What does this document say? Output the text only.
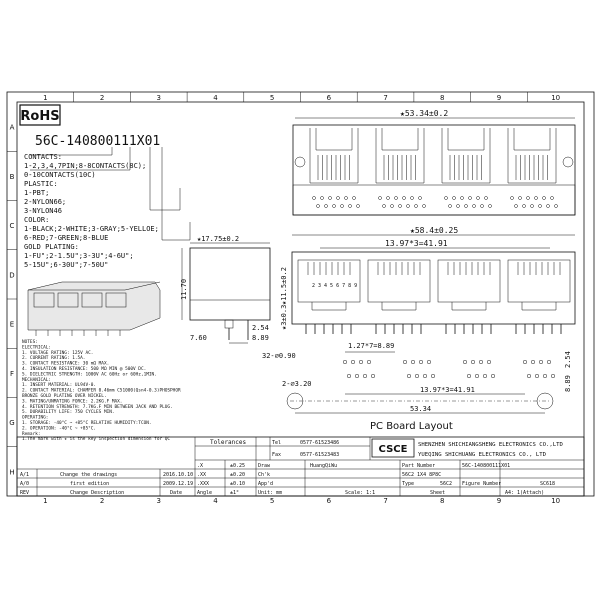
1
1
2
2
3
3
4
4
5
5
6
6
7
7
8
8
9
9
10
10
A
B
C
D
E
F
G
H
RoHS
56C-140800111X01
CONTACTS:
1-2,3,4,7PIN;8-8CONTACTS(8C);
0-10CONTACTS(10C)
PLASTIC:
1-PBT;
2-NYLON66;
3-NYLON46
COLOR:
1-BLACK;2-WHITE;3-GRAY;5-YELLOE;
6-RED;7-GREEN;8-BLUE
GOLD PLATING:
1-FU";2-1.5U";3-3U";4-6U";
5-15U";6-30U";7-50U"
★17.75±0.2
11.70	★11.5±0.2
★3±0.3
2.54
8.89
7.60
★53.34±0.2
★58.4±0.25
13.97*3=41.91
2 3 4 5 6 7 8 9
32-⌀0.90
1.27*7=8.89
2-⌀3.20
13.97*3=41.91
53.34
2.54
8.89
PC Board Layout
NOTES:
ELECTRICAL:
1. VOLTAGE RATING: 125V AC.
2. CURRENT RATING: 1.5A.
3. CONTACT RESISTANCE: 30 mΩ MAX.
4. INSULATION RESISTANCE: 500 MΩ MIN @ 500V DC.
5. DIELECTRIC STRENGTH: 1000V AC 60Hz or 60Hz,1MIN.
MECHANICAL:
1. INSERT MATERIAL: UL94V-0.
2. CONTACT MATERIAL: CHAMFER 0.46mm C51000(Qsn4-0.3)PHOSPHOR
BRONZE GOLD PLATING OVER NICKEL.
3. MATING/UNMATING FORCE: 2.2KG.F MAX.
4. RETENTION STRENGTH: 7.7KG.F MIN BETWEEN JACK AND PLUG.
5. DURABILITY LIFE: 750 CYCLES MIN.
OPERATING:
1. STORAGE: -40°C ~ +85°C RELATIVE HUMIDITY:TCON.
2. OPERATION: -40°C ~ +85°C.
Remark:
1.The mark with ★ is the key inspection dimension for QC	Tolerances	Tel	0577-61523486
Fax	0577-61523483	CSCE SHENZHEN SHICHIANGSHENG ELECTRONICS CO.,LTD
YUEQING SHICHUANG ELECTRONICS CO., LTD
.X	±0.25
.XX	±0.20
.XXX	±0.10
Angle	±1°
Draw	HuangQiWu
Ch'k
App'd
Part Number	56C-140800111X01
56C2 1X4 8P8C
Type	56C2 Figure Number	SC618
Unit: mm	Scale: 1:1	Sheet	A4: 1(Attach)
A/1	Change the drawings	2016.10.10
A/0	first edition	2009.12.19
REV	Change Description	Date
